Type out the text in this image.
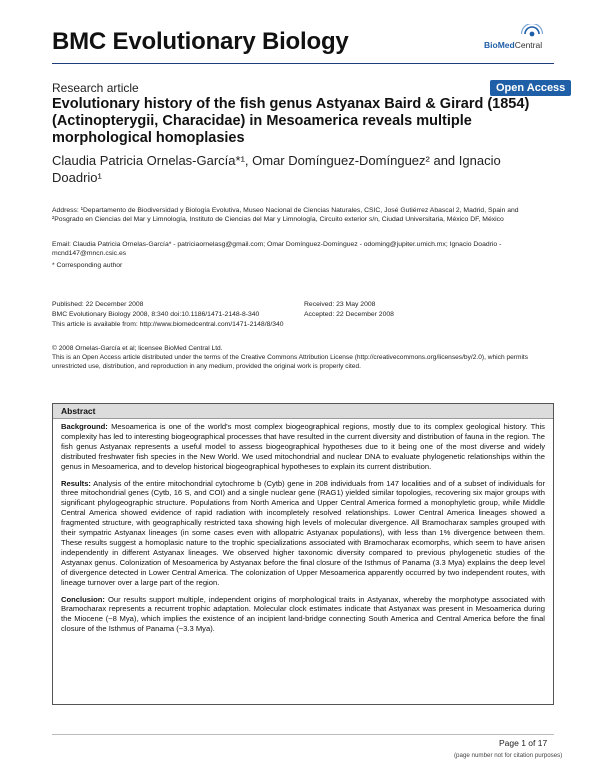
BMC Evolutionary Biology	BioMedCentral
Research article	Open Access
Evolutionary history of the fish genus Astyanax Baird & Girard (1854) (Actinopterygii, Characidae) in Mesoamerica reveals multiple morphological homoplasies
Claudia Patricia Ornelas-García*¹, Omar Domínguez-Domínguez² and Ignacio Doadrio¹
Address: ¹Departamento de Biodiversidad y Biología Evolutiva, Museo Nacional de Ciencias Naturales, CSIC, José Gutiérrez Abascal 2, Madrid, Spain and ²Posgrado en Ciencias del Mar y Limnología, Instituto de Ciencias del Mar y Limnología, Circuito exterior s/n, Ciudad Universitaria, México DF, México
Email: Claudia Patricia Ornelas-García* - patriciaornelasg@gmail.com; Omar Domínguez-Domínguez - odoming@jupiter.umich.mx; Ignacio Doadrio - mcnd147@mncn.csic.es
* Corresponding author
Published: 22 December 2008
BMC Evolutionary Biology 2008, 8:340 doi:10.1186/1471-2148-8-340
This article is available from: http://www.biomedcentral.com/1471-2148/8/340
Received: 23 May 2008
Accepted: 22 December 2008
© 2008 Ornelas-García et al; licensee BioMed Central Ltd.
This is an Open Access article distributed under the terms of the Creative Commons Attribution License (http://creativecommons.org/licenses/by/2.0), which permits unrestricted use, distribution, and reproduction in any medium, provided the original work is properly cited.
Abstract

Background: Mesoamerica is one of the world's most complex biogeographical regions, mostly due to its complex geological history. This complexity has led to interesting biogeographical processes that have resulted in the current diversity and distribution of fauna in the region. The fish genus Astyanax represents a useful model to assess biogeographical hypotheses due to it being one of the most diverse and widely distributed freshwater fish species in the New World. We used mitochondrial and nuclear DNA to evaluate phylogenetic relationships within the genus in Mesoamerica, and to develop historical biogeographical hypotheses to explain its current distribution.

Results: Analysis of the entire mitochondrial cytochrome b (Cytb) gene in 208 individuals from 147 localities and of a subset of individuals for three mitochondrial genes (Cytb, 16 S, and COI) and a single nuclear gene (RAG1) yielded similar topologies, recovering six major groups with significant phylogeographic structure. Populations from North America and Upper Central America formed a monophyletic group, while Middle Central America showed evidence of rapid radiation with incompletely resolved relationships. Lower Central America lineages showed a fragmented structure, with geographically restricted taxa showing high levels of molecular divergence. All Bramocharax samples grouped with their sympatric Astyanax lineages (in some cases even with allopatric Astyanax populations), with less than 1% divergence between them. These results suggest a homoplasic nature to the trophic specializations associated with Bramocharax ecomorphs, which seem to have arisen independently in different Astyanax lineages. We observed higher taxonomic diversity compared to previous phylogenetic studies of the Astyanax genus. Colonization of Mesoamerica by Astyanax before the final closure of the Isthmus of Panama (3.3 Mya) explains the deep level of divergence detected in Lower Central America. The colonization of Upper Mesoamerica apparently occurred by two independent routes, with lineage turnover over a large part of the region.

Conclusion: Our results support multiple, independent origins of morphological traits in Astyanax, whereby the morphotype associated with Bramocharax represents a recurrent trophic adaptation. Molecular clock estimates indicate that Astyanax was present in Mesoamerica during the Miocene (~8 Mya), which implies the existence of an incipient land-bridge connecting South America and Central America before the final closure of the Isthmus of Panama (~3.3 Mya).

Page 1 of 17
(page number not for citation purposes)
